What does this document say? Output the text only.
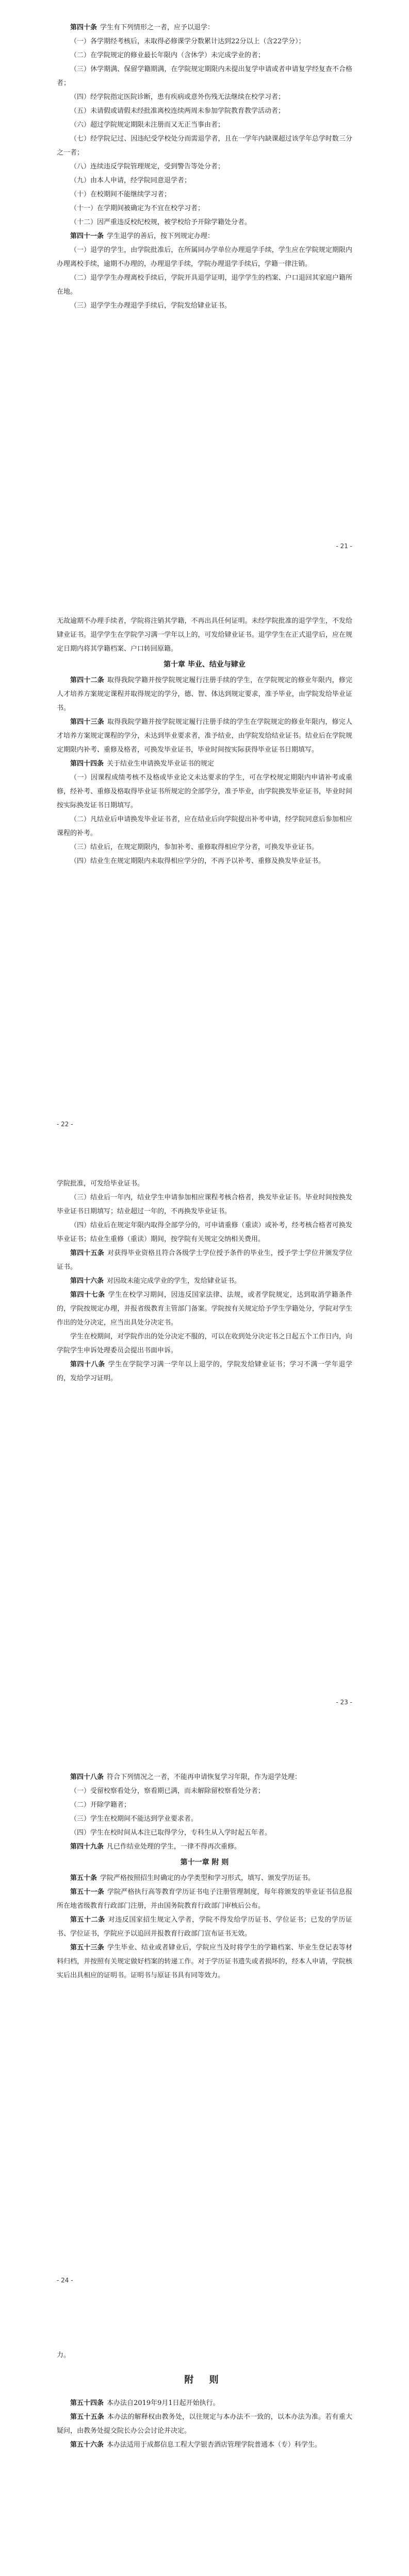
第四十条 学生有下列情形之一者，应予以退学：

（一）各学期经考核后，未取得必修课学分数累计达到22分以上（含22学分）；

（二）在学院规定的修业最长年限内（含休学）未完成学业的者；

（三）休学期满、保留学籍期满，在学院规定期限内未提出复学申请或者申请复学经复查不合格者；

（四）经学院指定医院诊断，患有疾病或意外伤残无法继续在校学习者；

（五）未请假或请假未经批准离校连续两周未参加学院教育教学活动者；

（六）超过学院规定期限未注册而又无正当事由者；

（七）经学院记过、因违纪受学校处分而需退学者，且在一学年内缺课超过该学年总学时数三分之一者；

（八）连续违反学院管理规定，受到警告等处分者；

（九）由本人申请，经学院同意退学者；

（十）在校期间不能继续学习者；

（十一）在学期间被确定为不宜在校学习者；

（十二）因严重违反校纪校规，被学校给予开除学籍处分者。

第四十一条 学生退学的善后，按下列规定办理：

（一）退学的学生，由学院批准后，在所属同办学单位办理退学手续，学生应在学院规定期限内办理离校手续，逾期不办理的，办理退学手续，学院办理退学手续后，学籍一律注销。

（二）退学学生办理离校手续后，学院开具退学证明，退学学生的档案、户口退回其家庭户籍所在地。

（三）退学学生办理退学手续后，学院发给肄业证书。

- 21 -

无故逾期不办理手续者，学院将注销其学籍，不再出具任何证明。未经学院批准的退学学生，不发给肄业证书。退学学生在学院学习满一学年以上的，可发给肄业证书。退学学生在正式退学后，应在规定日期内将其学籍档案、户口转回原籍。

第十章 毕业、结业与肄业

第四十二条 取得我院学籍并按学院规定履行注册手续的学生，在学院规定的修业年限内，修完人才培养方案规定课程并取得规定的学分，德、智、体达到规定要求，准予毕业，由学院发给毕业证书。

第四十三条 取得我院学籍并按学院规定履行注册手续的学生在学院规定的修业年限内，修完人才培养方案规定课程的学分，未达到毕业要求者，准予结业，由学院发给结业证书。结业后在学院规定期限内补考、重修及格者，可换发毕业证书，毕业时间按实际获得毕业证书日期填写。

第四十四条 关于结业生申请换发毕业证书的规定

（一）因课程成绩考核不及格或毕业论文未达要求的学生，可在学校规定期限内申请补考或重修，经补考、重修及格取得毕业证书所规定的全部学分，准予毕业，由学院换发毕业证书，毕业时间按实际换发证书日期填写。

（二）凡结业后申请换发毕业证书者，应在结业后向学院提出补考申请，经学院同意后参加相应课程的补考。

（三）结业后，在规定期限内，参加补考、重修取得相应学分者，可换发毕业证书。

（四）结业生在规定期限内未取得相应学分的，不再予以补考、重修及换发毕业证书。

- 22 -

学院批准，可发给毕业证书。

（三）结业后一年内，结业学生申请参加相应课程考核合格者，换发毕业证书。毕业时间按换发毕业证书日期填写；结业超过一年的，不再换发毕业证书。

（四）结业后在规定年限内取得全部学分的，可申请重修（重读）或补考，经考核合格者可换发毕业证书；结业生重修（重读）期间，按学院有关规定交纳相关费用。

第四十五条 对获得毕业资格且符合各级学士学位授予条件的毕业生，授予学士学位并颁发学位证书。

第四十六条 对因故未能完成学业的学生，发给肄业证书。

第四十七条 学生在校学习期间，因违反国家法律、法规，或者学院规定，达到取消学籍条件的，学院按规定办理，并报省级教育主管部门备案。学院按有关规定给予学生学籍处分，学院对学生作出的处分决定，应当出具处分决定书。

学生在校期间，对学院作出的处分决定不服的，可以在收到处分决定书之日起五个工作日内，向学院学生申诉处理委员会提出书面申诉。

第四十八条 学生在学院学习满一学年以上退学的，学院发给肄业证书；学习不满一学年退学的，发给学习证明。

- 23 -

第四十八条 符合下列情况之一者，不能再申请恢复学习年限，作为退学处理：

（一）受留校察看处分，察看期已满，而未解除留校察看处分者；

（二）开除学籍者；

（三）学生在校期间不能达到学业要求者。

（四）学生在校时间从本注已取得学分，专科生从入学时起五年者。

第四十九条 凡已作结业处理的学生，一律不得再次重修。

第十一章 附 则

第五十条 学院严格按照招生时确定的办学类型和学习形式，填写、颁发学历证书。

第五十一条 学院严格执行高等教育学历证书电子注册管理制度，每年将颁发的毕业证书信息报所在地省级教育行政部门注册，并由国务院教育行政部门审核后公布。

第五十二条 对违反国家招生规定入学者，学院不得发给学历证书、学位证书；已发的学历证书、学位证书，学院应予以追回并报教育行政部门宣布证书无效。

第五十三条 学生毕业、结业或者肄业后，学院应当及时将学生的学籍档案、毕业生登记表等材料归档，并按照有关规定做好档案的转递工作。对于学历证书遗失或者损坏的，经本人申请，学院核实后出具相应的证明书。证明书与原证书具有同等效力。

- 24 -

力。

附 则

第五十四条 本办法自2019年9月1日起开始执行。

第五十五条 本办法的解释权由教务处，以往规定与本办法不一致的，以本办法为准。若有重大疑问，由教务处提交院长办公会讨论并决定。

第五十六条 本办法适用于成都信息工程大学银杏酒店管理学院普通本（专）科学生。
